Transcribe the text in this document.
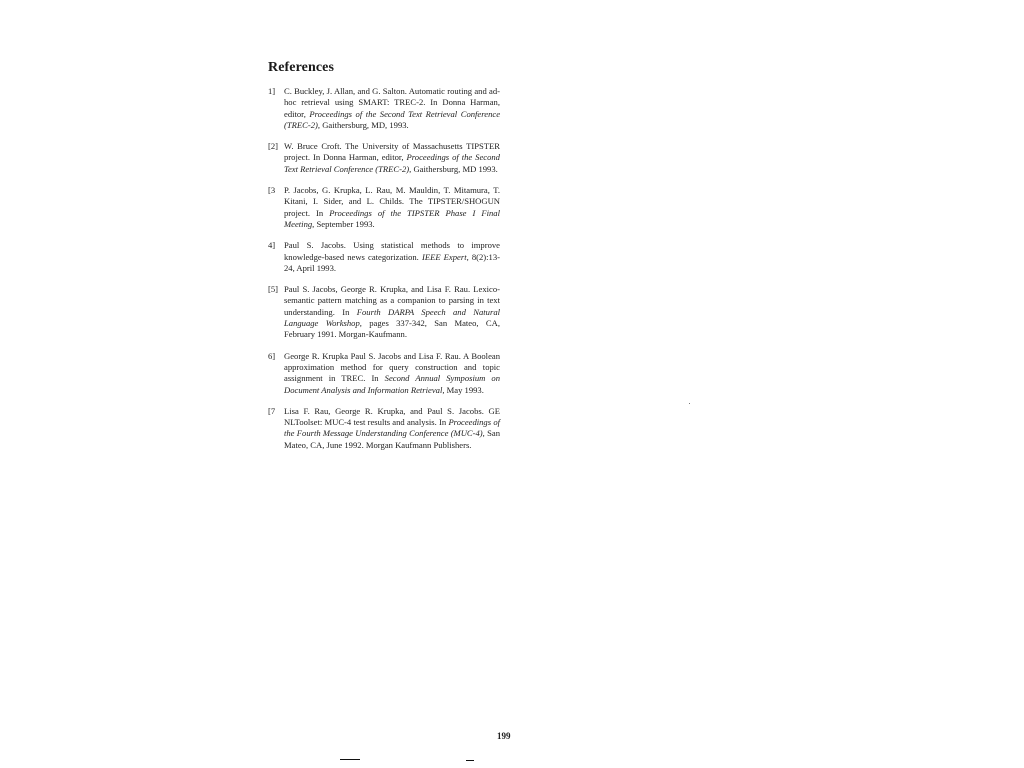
References
1]	C. Buckley, J. Allan, and G. Salton. Automatic routing and ad-hoc retrieval using SMART: TREC-2. In Donna Harman, editor, Proceedings of the Second Text Retrieval Conference (TREC-2), Gaithersburg, MD, 1993.
[2] W. Bruce Croft. The University of Massachusetts TIPSTER project. In Donna Harman, editor, Proceedings of the Second Text Retrieval Conference (TREC-2), Gaithersburg, MD 1993.
[3	P. Jacobs, G. Krupka, L. Rau, M. Mauldin, T. Mitamura, T. Kitani, I. Sider, and L. Childs. The TIPSTER/SHOGUN project. In Proceedings of the TIPSTER Phase I Final Meeting, September 1993.
4]	Paul S. Jacobs. Using statistical methods to improve knowledge-based news categorization. IEEE Expert, 8(2):13-24, April 1993.
[5] Paul S. Jacobs, George R. Krupka, and Lisa F. Rau. Lexico-semantic pattern matching as a companion to parsing in text understanding. In Fourth DARPA Speech and Natural Language Workshop, pages 337-342, San Mateo, CA, February 1991. Morgan-Kaufmann.
6]	George R. Krupka Paul S. Jacobs and Lisa F. Rau. A Boolean approximation method for query construction and topic assignment in TREC. In Second Annual Symposium on Document Analysis and Information Retrieval, May 1993.
[7	Lisa F. Rau, George R. Krupka, and Paul S. Jacobs. GE NLToolset: MUC-4 test results and analysis. In Proceedings of the Fourth Message Understanding Conference (MUC-4), San Mateo, CA, June 1992. Morgan Kaufmann Publishers.
199
